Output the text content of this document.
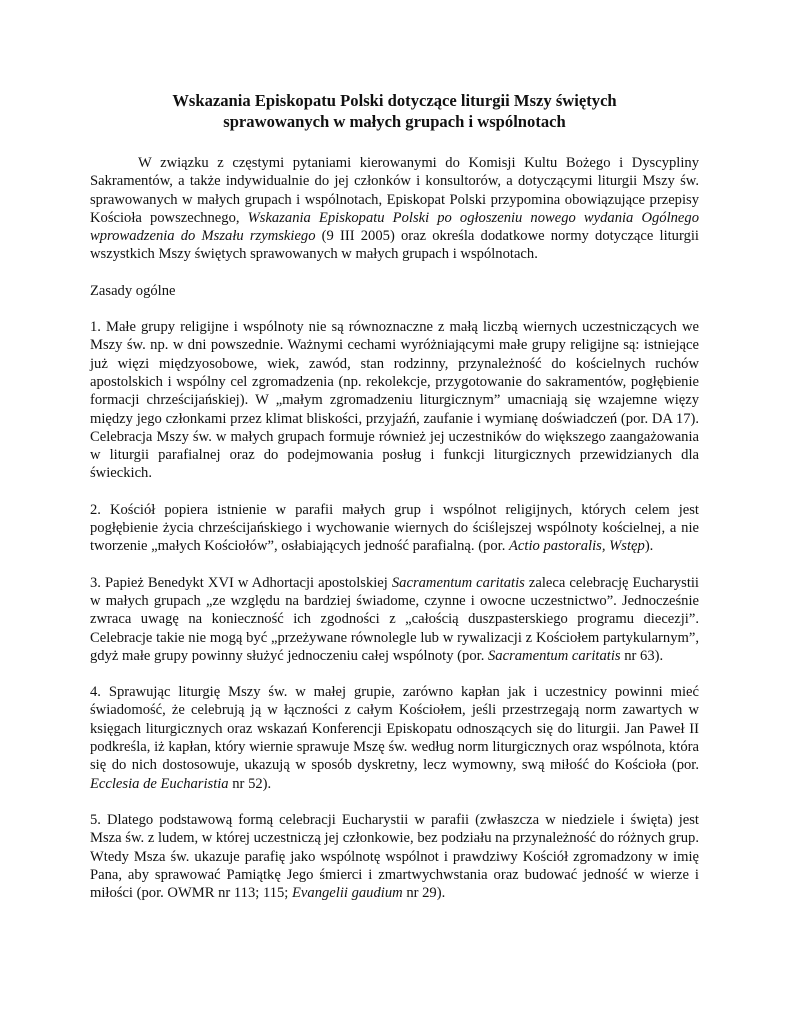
Wskazania Episkopatu Polski dotyczące liturgii Mszy świętych
sprawowanych w małych grupach i wspólnotach

W związku z częstymi pytaniami kierowanymi do Komisji Kultu Bożego i Dyscypliny Sakramentów, a także indywidualnie do jej członków i konsultorów, a dotyczącymi liturgii Mszy św. sprawowanych w małych grupach i wspólnotach, Episkopat Polski przypomina obowiązujące przepisy Kościoła powszechnego, Wskazania Episkopatu Polski po ogłoszeniu nowego wydania Ogólnego wprowadzenia do Mszału rzymskiego (9 III 2005) oraz określa dodatkowe normy dotyczące liturgii wszystkich Mszy świętych sprawowanych w małych grupach i wspólnotach.

Zasady ogólne

1. Małe grupy religijne i wspólnoty nie są równoznaczne z małą liczbą wiernych uczestniczących we Mszy św. np. w dni powszednie. Ważnymi cechami wyróżniającymi małe grupy religijne są: istniejące już więzi międzyosobowe, wiek, zawód, stan rodzinny, przynależność do kościelnych ruchów apostolskich i wspólny cel zgromadzenia (np. rekolekcje, przygotowanie do sakramentów, pogłębienie formacji chrześcijańskiej). W „małym zgromadzeniu liturgicznym” umacniają się wzajemne więzy między jego członkami przez klimat bliskości, przyjaźń, zaufanie i wymianę doświadczeń (por. DA 17). Celebracja Mszy św. w małych grupach formuje również jej uczestników do większego zaangażowania w liturgii parafialnej oraz do podejmowania posług i funkcji liturgicznych przewidzianych dla świeckich.

2. Kościół popiera istnienie w parafii małych grup i wspólnot religijnych, których celem jest pogłębienie życia chrześcijańskiego i wychowanie wiernych do ściślejszej wspólnoty kościelnej, a nie tworzenie „małych Kościołów”, osłabiających jedność parafialną. (por. Actio pastoralis, Wstęp).

3. Papież Benedykt XVI w Adhortacji apostolskiej Sacramentum caritatis zaleca celebrację Eucharystii w małych grupach „ze względu na bardziej świadome, czynne i owocne uczestnictwo”. Jednocześnie zwraca uwagę na konieczność ich zgodności z „całością duszpasterskiego programu diecezji”. Celebracje takie nie mogą być „przeżywane równolegle lub w rywalizacji z Kościołem partykularnym”, gdyż małe grupy powinny służyć jednoczeniu całej wspólnoty (por. Sacramentum caritatis nr 63).

4. Sprawując liturgię Mszy św. w małej grupie, zarówno kapłan jak i uczestnicy powinni mieć świadomość, że celebrują ją w łączności z całym Kościołem, jeśli przestrzegają norm zawartych w księgach liturgicznych oraz wskazań Konferencji Episkopatu odnoszących się do liturgii. Jan Paweł II podkreśla, iż kapłan, który wiernie sprawuje Mszę św. według norm liturgicznych oraz wspólnota, która się do nich dostosowuje, ukazują w sposób dyskretny, lecz wymowny, swą miłość do Kościoła (por. Ecclesia de Eucharistia nr 52).

5. Dlatego podstawową formą celebracji Eucharystii w parafii (zwłaszcza w niedziele i święta) jest Msza św. z ludem, w której uczestniczą jej członkowie, bez podziału na przynależność do różnych grup. Wtedy Msza św. ukazuje parafię jako wspólnotę wspólnot i prawdziwy Kościół zgromadzony w imię Pana, aby sprawować Pamiątkę Jego śmierci i zmartwychwstania oraz budować jedność w wierze i miłości (por. OWMR nr 113; 115; Evangelii gaudium nr 29).
